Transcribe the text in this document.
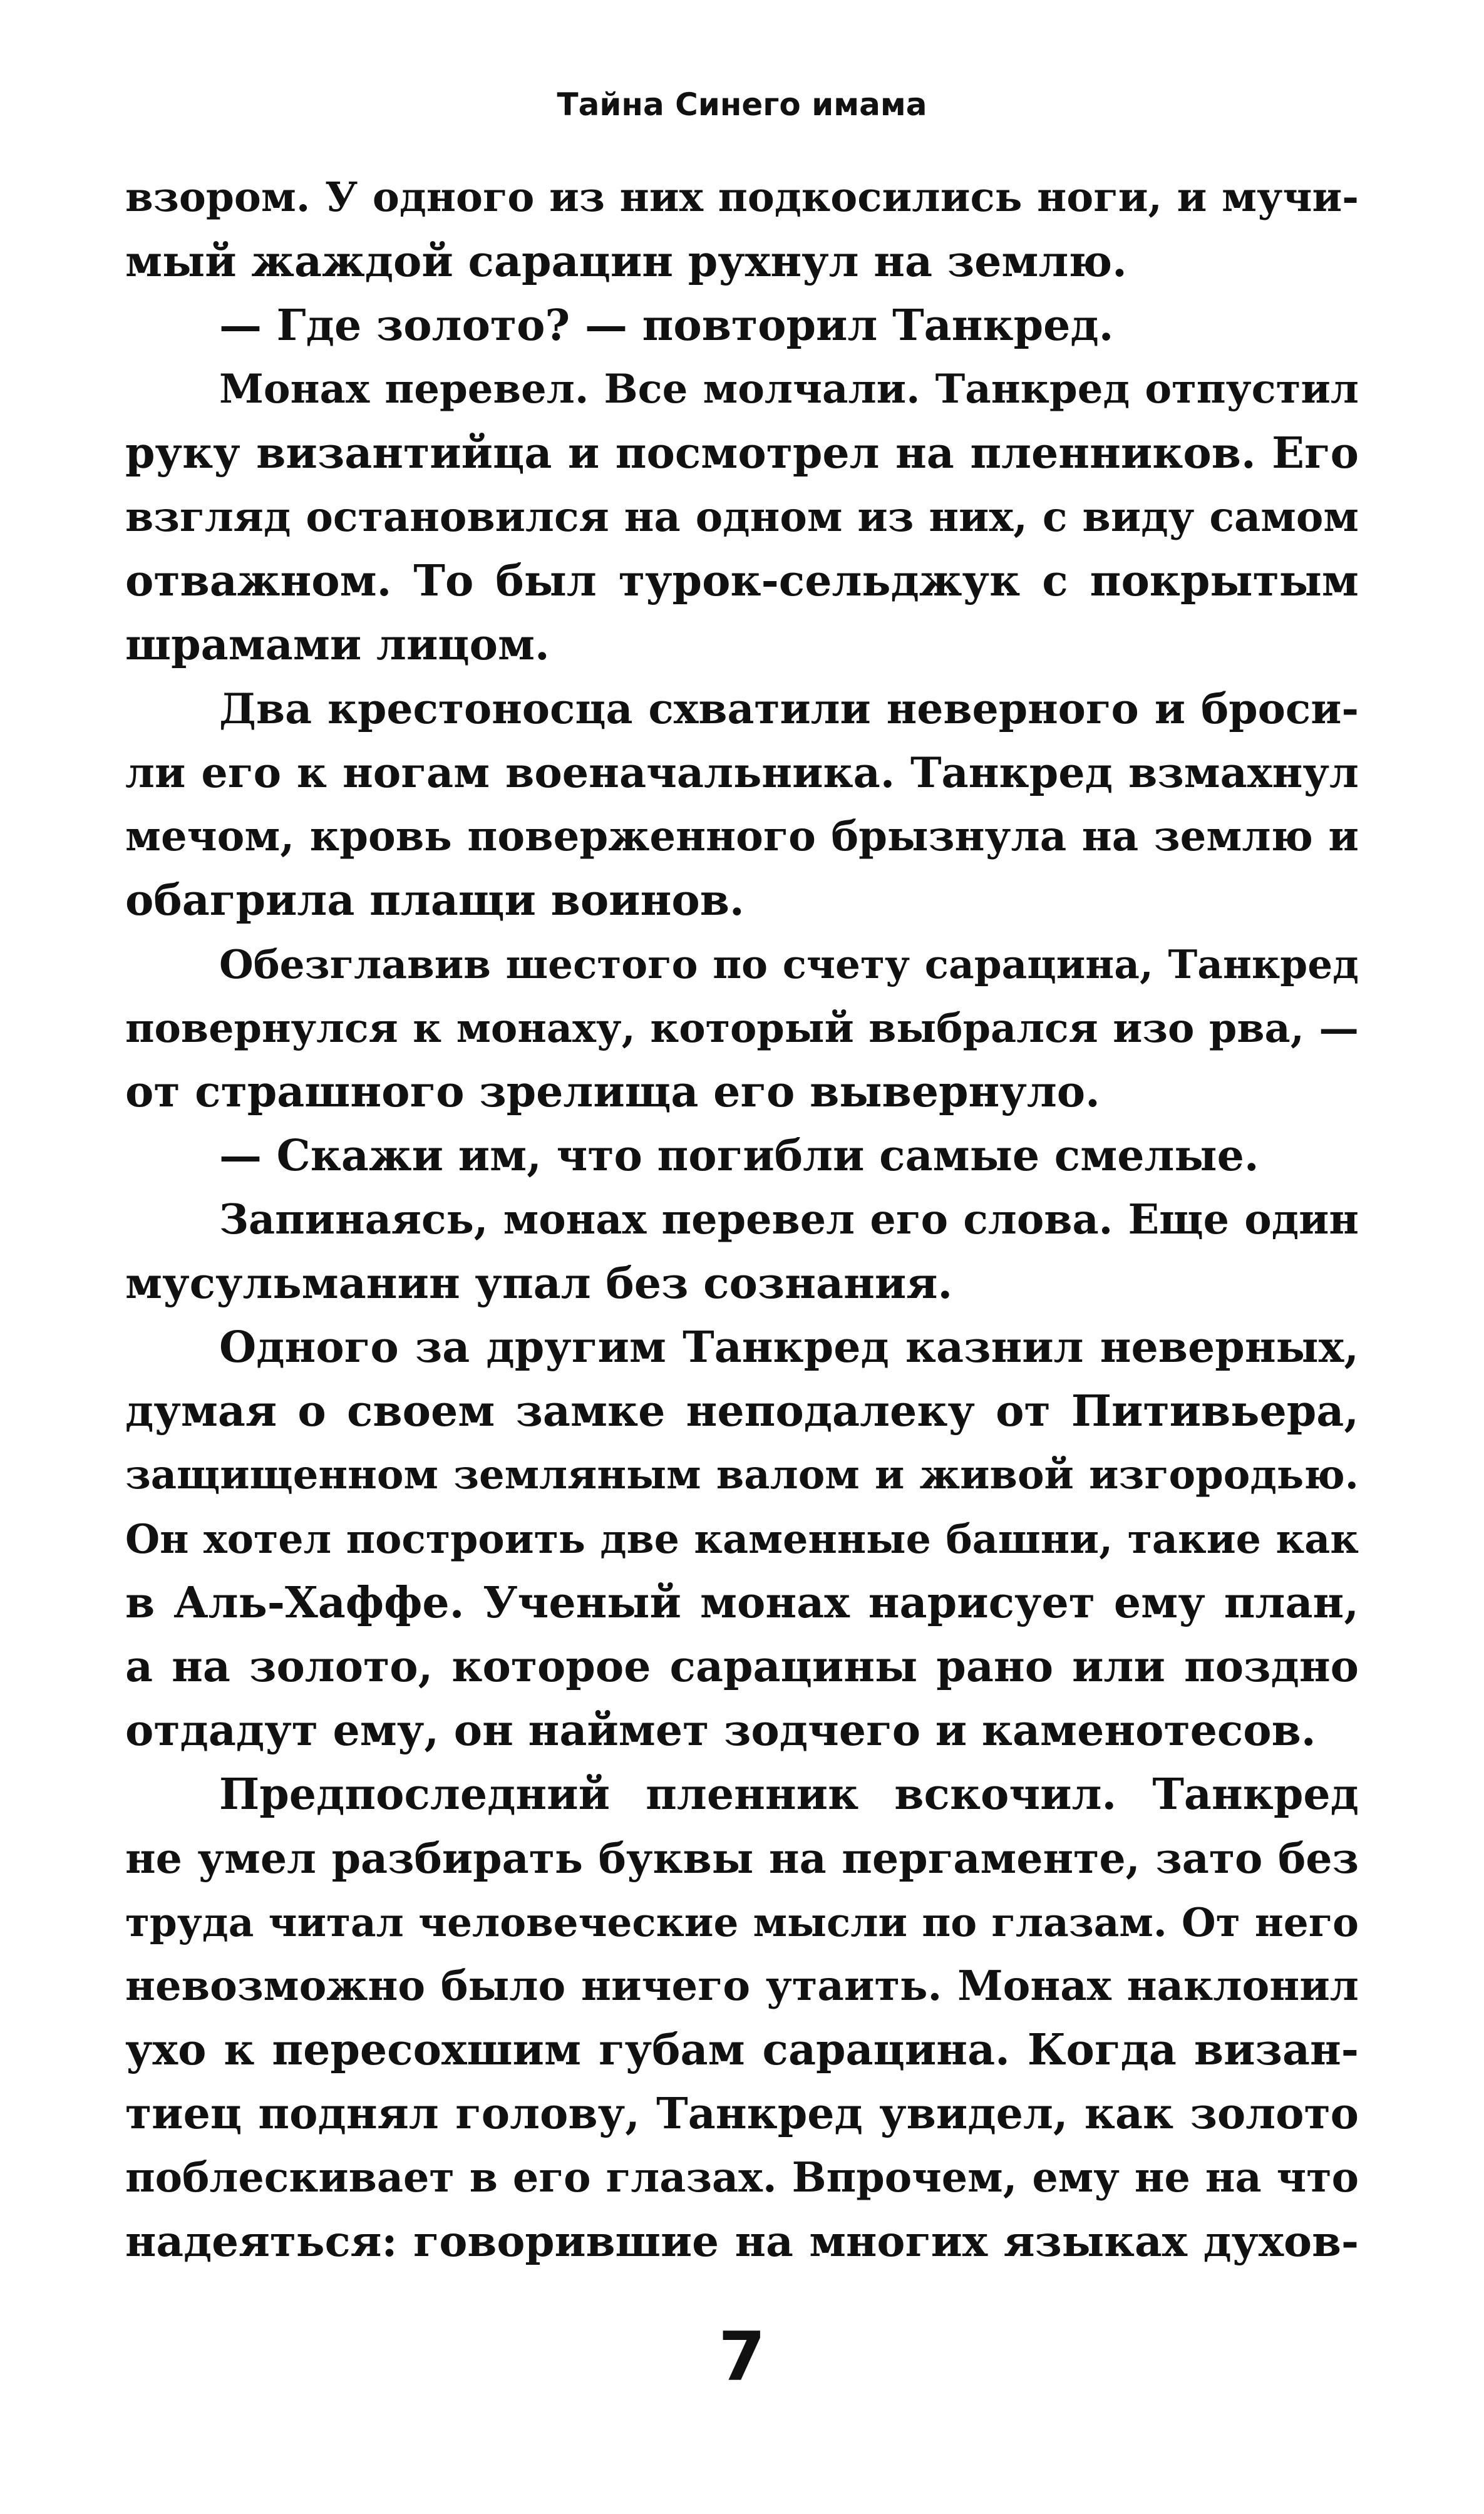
Тайна Синего имама
взором. У одного из них подкосились ноги, и мучи-
мый жаждой сарацин рухнул на землю.
— Где золото? — повторил Танкред.
Монах перевел. Все молчали. Танкред отпустил
руку византийца и посмотрел на пленников. Его
взгляд остановился на одном из них, с виду самом
отважном. То был турок-сельджук с покрытым
шрамами лицом.
Два крестоносца схватили неверного и броси-
ли его к ногам военачальника. Танкред взмахнул
мечом, кровь поверженного брызнула на землю и
обагрила плащи воинов.
Обезглавив шестого по счету сарацина, Танкред
повернулся к монаху, который выбрался изо рва, —
от страшного зрелища его вывернуло.
— Скажи им, что погибли самые смелые.
Запинаясь, монах перевел его слова. Еще один
мусульманин упал без сознания.
Одного за другим Танкред казнил неверных,
думая о своем замке неподалеку от Питивьера,
защищенном земляным валом и живой изгородью.
Он хотел построить две каменные башни, такие как
в Аль-Хаффе. Ученый монах нарисует ему план,
а на золото, которое сарацины рано или поздно
отдадут ему, он наймет зодчего и каменотесов.
Предпоследний пленник вскочил. Танкред
не умел разбирать буквы на пергаменте, зато без
труда читал человеческие мысли по глазам. От него
невозможно было ничего утаить. Монах наклонил
ухо к пересохшим губам сарацина. Когда визан-
тиец поднял голову, Танкред увидел, как золото
поблескивает в его глазах. Впрочем, ему не на что
надеяться: говорившие на многих языках духов-
7
